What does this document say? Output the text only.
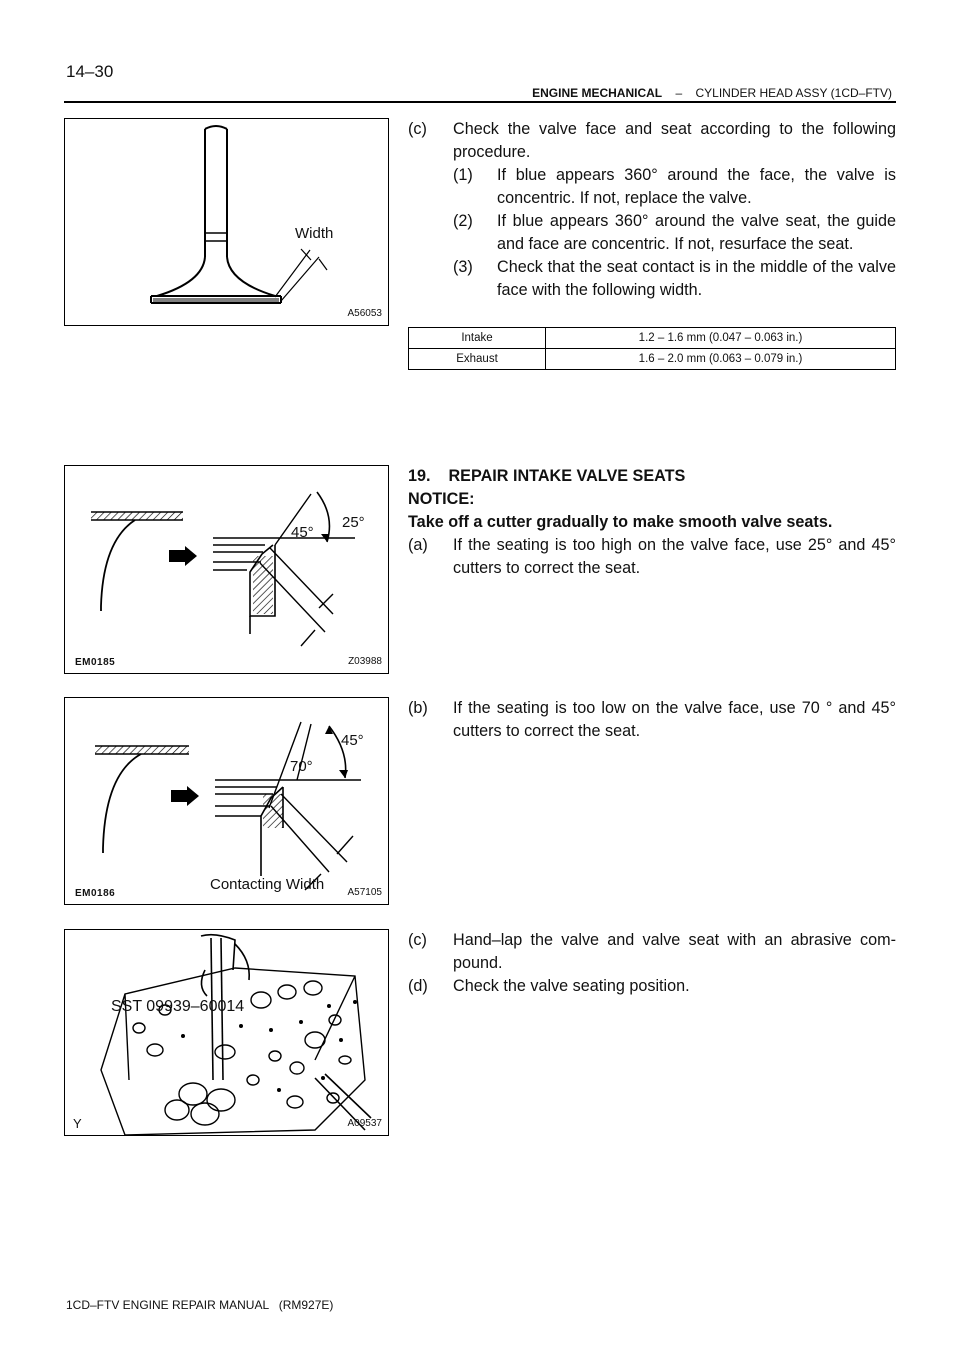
14–30
ENGINE MECHANICAL – CYLINDER HEAD ASSY (1CD–FTV)
Width
A56053
45°
25°
EM0185	Z03988
45°
70°
Contacting Width
EM0186	A57105
SST 09939–60014
Y	A09537
(c)	Check the valve face and seat according to the following procedure.
(1)	If blue appears 360° around the face, the valve is concentric. If not, replace the valve.
(2)	If blue appears 360° around the valve seat, the guide and face are concentric. If not, resurface the seat.
(3)	Check that the seat contact is in the middle of the valve face with the following width.
Intake	1.2 – 1.6 mm (0.047 – 0.063 in.)
Exhaust	1.6 – 2.0 mm (0.063 – 0.079 in.)
19.    REPAIR INTAKE VALVE SEATS
NOTICE:
Take off a cutter gradually to make smooth valve seats.
(a)	If the seating is too high on the valve face, use 25° and 45° cutters to correct the seat.
(b)	If the seating is too low on the valve face, use 70 ° and 45° cutters to correct the seat.
(c)	Hand–lap the valve and valve seat with an abrasive com- pound.
(d)	Check the valve seating position.
1CD–FTV ENGINE REPAIR MANUAL   (RM927E)
